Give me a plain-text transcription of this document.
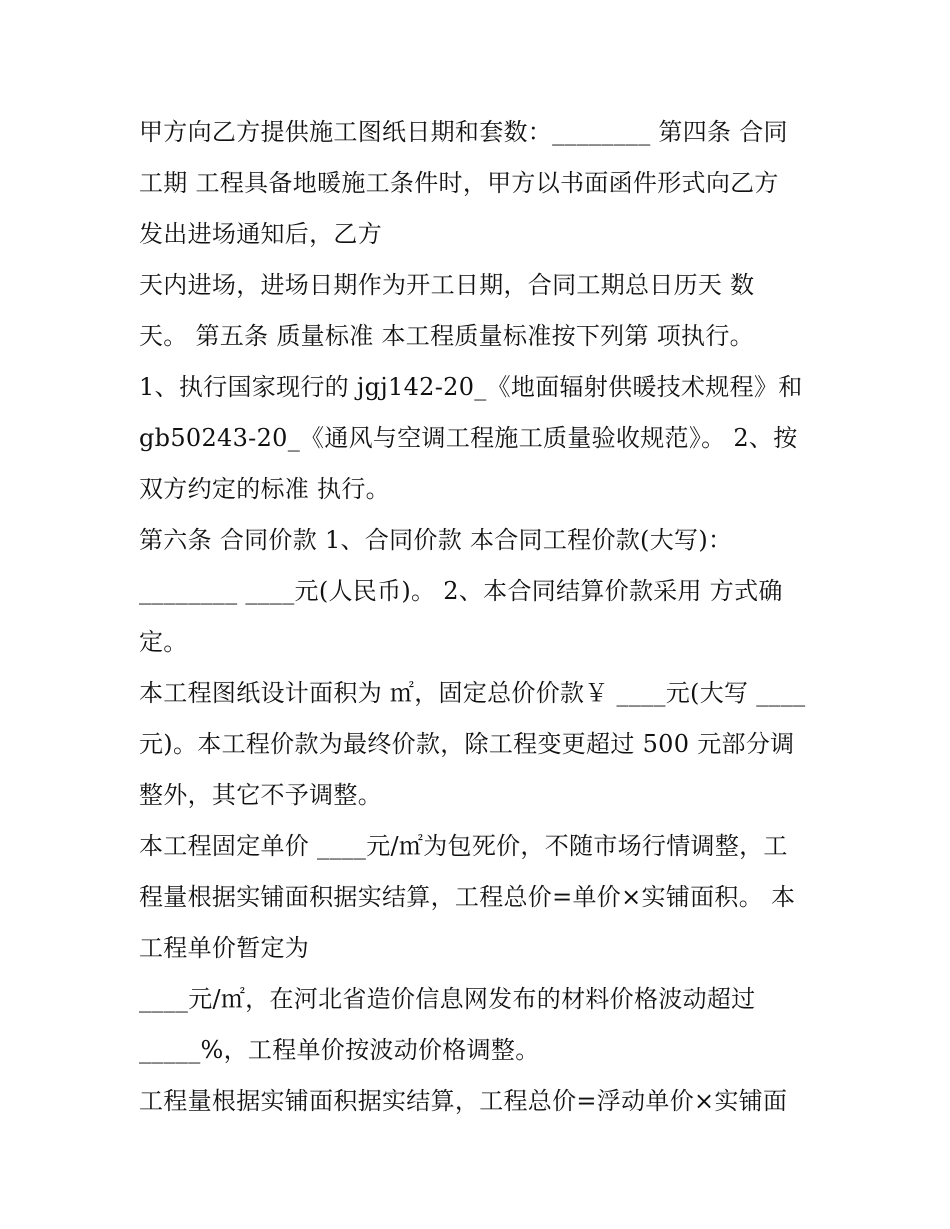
甲方向乙方提供施工图纸日期和套数：________ 第四条 合同
工期 工程具备地暖施工条件时，甲方以书面函件形式向乙方
发出进场通知后，乙方
天内进场，进场日期作为开工日期，合同工期总日历天 数
天。 第五条 质量标准 本工程质量标准按下列第 项执行。
1、执行国家现行的 jgj142-20_《地面辐射供暖技术规程》和
gb50243-20_《通风与空调工程施工质量验收规范》。 2、按
双方约定的标准 执行。
第六条 合同价款 1、合同价款 本合同工程价款(大写)：
________ ____元(人民币)。 2、本合同结算价款采用 方式确
定。
本工程图纸设计面积为 ㎡，固定总价价款￥ ____元(大写 ____
元)。本工程价款为最终价款，除工程变更超过 500 元部分调
整外，其它不予调整。
本工程固定单价 ____元/㎡为包死价，不随市场行情调整，工
程量根据实铺面积据实结算，工程总价=单价×实铺面积。 本
工程单价暂定为
____元/㎡，在河北省造价信息网发布的材料价格波动超过
_____%，工程单价按波动价格调整。
工程量根据实铺面积据实结算，工程总价=浮动单价×实铺面
